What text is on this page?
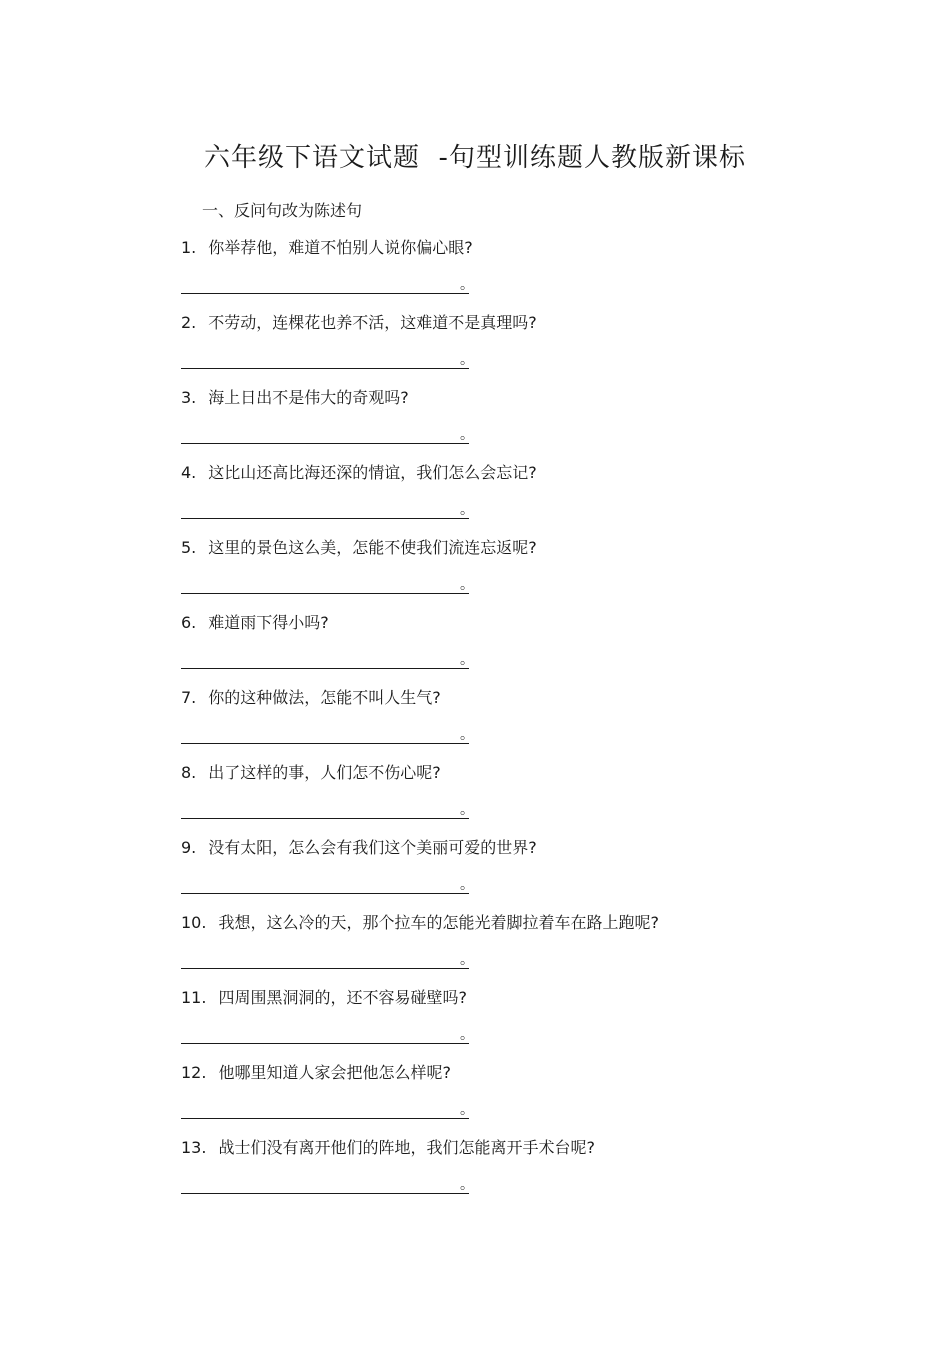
六年级下语文试题  -句型训练题人教版新课标
一、反问句改为陈述句
1. 你举荐他，难道不怕别人说你偏心眼?
。
2. 不劳动，连棵花也养不活，这难道不是真理吗?
。
3. 海上日出不是伟大的奇观吗?
。
4. 这比山还高比海还深的情谊，我们怎么会忘记?
。
5. 这里的景色这么美，怎能不使我们流连忘返呢?
。
6. 难道雨下得小吗?
。
7. 你的这种做法，怎能不叫人生气?
。
8. 出了这样的事，人们怎不伤心呢?
。
9. 没有太阳，怎么会有我们这个美丽可爱的世界?
。
10. 我想，这么冷的天，那个拉车的怎能光着脚拉着车在路上跑呢?
。
11. 四周围黑洞洞的，还不容易碰壁吗?
。
12. 他哪里知道人家会把他怎么样呢?
。
13. 战士们没有离开他们的阵地，我们怎能离开手术台呢?
。
